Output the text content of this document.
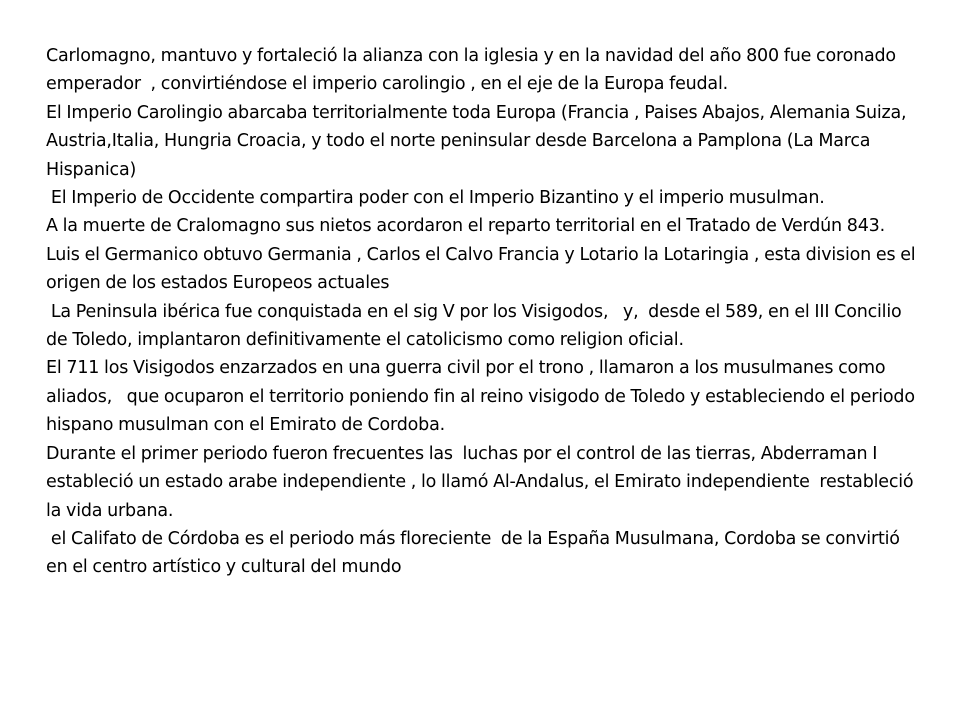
Carlomagno, mantuvo y fortaleció la alianza con la iglesia y en la navidad del año 800 fue coronado emperador  , convirtiéndose el imperio carolingio , en el eje de la Europa feudal.

El Imperio Carolingio abarcaba territorialmente toda Europa (Francia , Paises Abajos, Alemania Suiza, Austria,Italia, Hungria Croacia, y todo el norte peninsular desde Barcelona a Pamplona (La Marca Hispanica)

El Imperio de Occidente compartira poder con el Imperio Bizantino y el imperio musulman.

A la muerte de Cralomagno sus nietos acordaron el reparto territorial en el Tratado de Verdún 843.

Luis el Germanico obtuvo Germania , Carlos el Calvo Francia y Lotario la Lotaringia , esta division es el origen de los estados Europeos actuales

La Peninsula ibérica fue conquistada en el sig V por los Visigodos,   y,  desde el 589, en el III Concilio de Toledo, implantaron definitivamente el catolicismo como religion oficial.

El 711 los Visigodos enzarzados en una guerra civil por el trono , llamaron a los musulmanes como aliados,   que ocuparon el territorio poniendo fin al reino visigodo de Toledo y estableciendo el periodo hispano musulman con el Emirato de Cordoba.

Durante el primer periodo fueron frecuentes las  luchas por el control de las tierras, Abderraman I estableció un estado arabe independiente , lo llamó Al-Andalus, el Emirato independiente  restableció la vida urbana.

el Califato de Córdoba es el periodo más floreciente  de la España Musulmana, Cordoba se convirtió en el centro artístico y cultural del mundo
